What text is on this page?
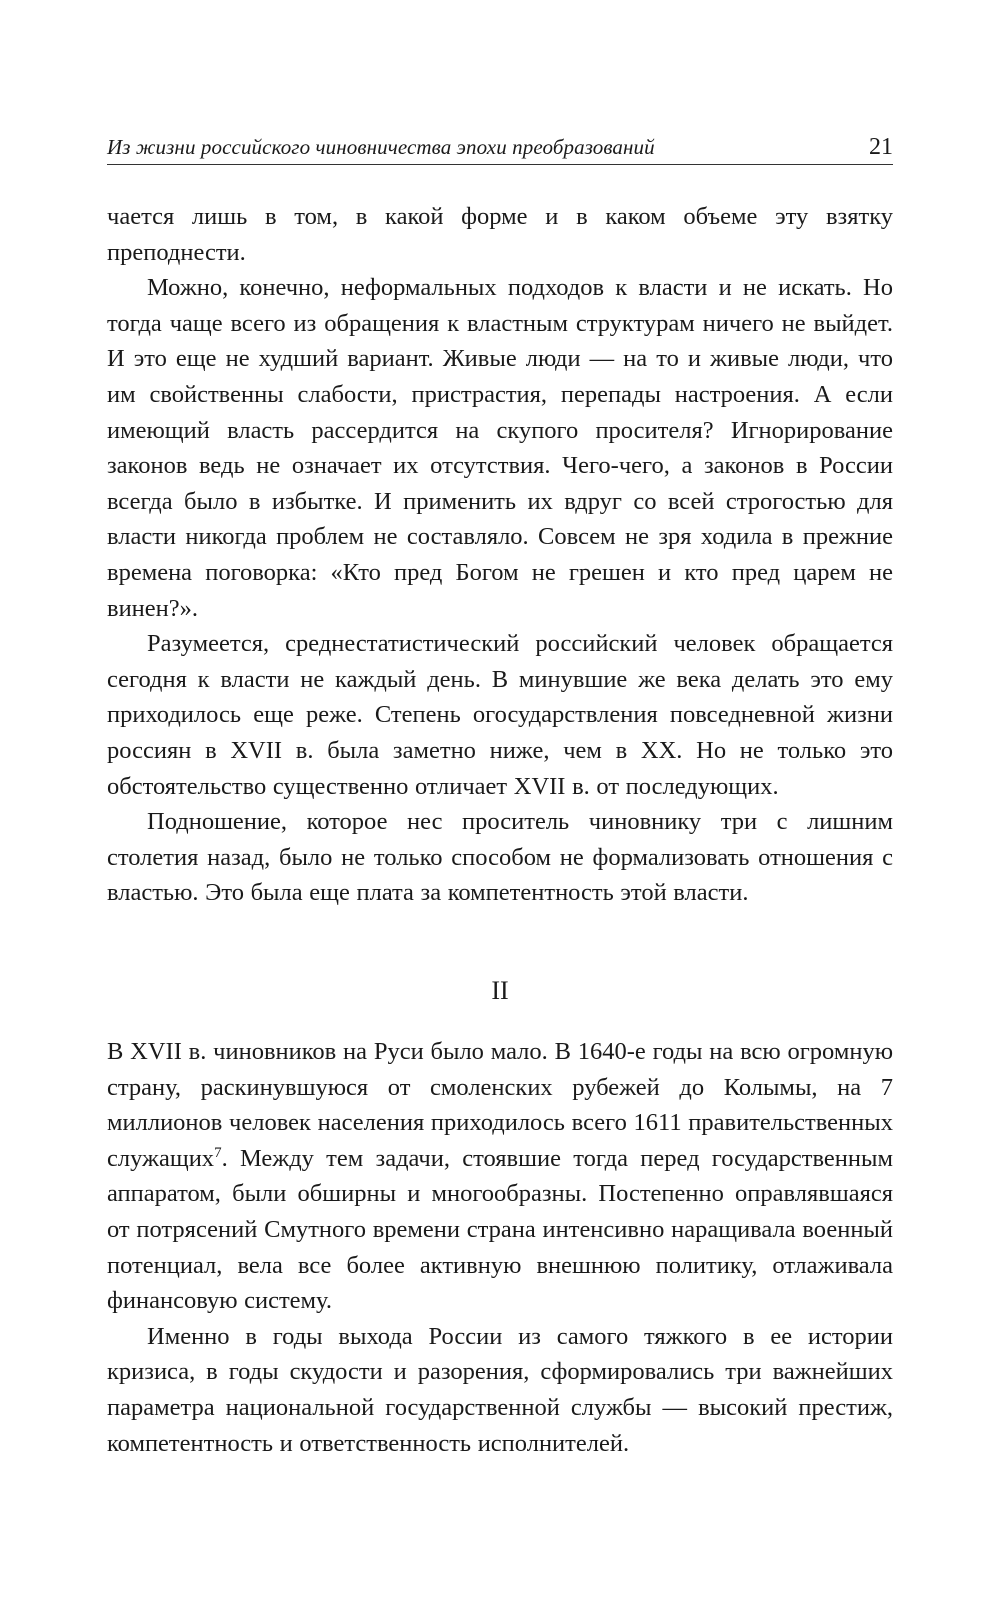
Из жизни российского чиновничества эпохи преобразований	21

чается лишь в том, в какой форме и в каком объеме эту взятку преподнести.

Можно, конечно, неформальных подходов к власти и не искать. Но тогда чаще всего из обращения к властным структурам ничего не выйдет. И это еще не худший вариант. Живые люди — на то и живые люди, что им свойственны слабости, пристрастия, перепады настроения. А если имеющий власть рассердится на скупого просителя? Игнорирование законов ведь не означает их отсутствия. Чего-чего, а законов в России всегда было в избытке. И применить их вдруг со всей строгостью для власти никогда проблем не составляло. Совсем не зря ходила в прежние времена поговорка: «Кто пред Богом не грешен и кто пред царем не винен?».

Разумеется, среднестатистический российский человек обращается сегодня к власти не каждый день. В минувшие же века делать это ему приходилось еще реже. Степень огосударствления повседневной жизни россиян в XVII в. была заметно ниже, чем в XX. Но не только это обстоятельство существенно отличает XVII в. от последующих.

Подношение, которое нес проситель чиновнику три с лишним столетия назад, было не только способом не формализовать отношения с властью. Это была еще плата за компетентность этой власти.

II

В XVII в. чиновников на Руси было мало. В 1640-е годы на всю огромную страну, раскинувшуюся от смоленских рубежей до Колымы, на 7 миллионов человек населения приходилось всего 1611 правительственных служащих$^7$. Между тем задачи, стоявшие тогда перед государственным аппаратом, были обширны и многообразны. Постепенно оправлявшаяся от потрясений Смутного времени страна интенсивно наращивала военный потенциал, вела все более активную внешнюю политику, отлаживала финансовую систему.

Именно в годы выхода России из самого тяжкого в ее истории кризиса, в годы скудости и разорения, сформировались три важнейших параметра национальной государственной службы — высокий престиж, компетентность и ответственность исполнителей.
